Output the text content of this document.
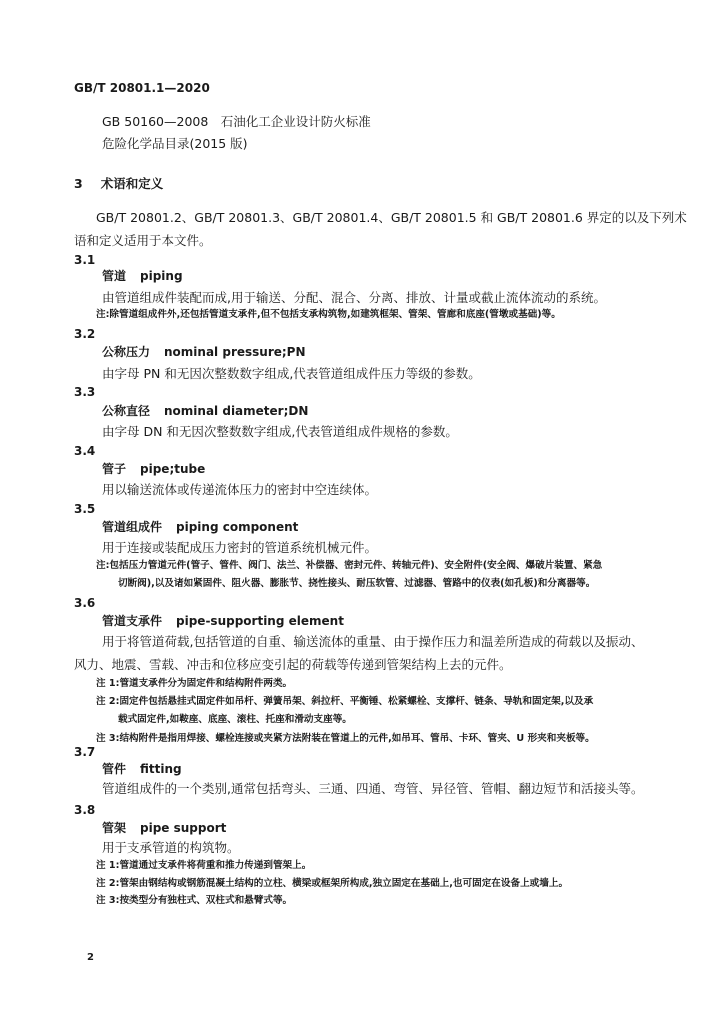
GB/T 20801.1—2020
GB 50160—2008　石油化工企业设计防火标准
危险化学品目录(2015 版)
3 术语和定义
GB/T 20801.2、GB/T 20801.3、GB/T 20801.4、GB/T 20801.5 和 GB/T 20801.6 界定的以及下列术
语和定义适用于本文件。
3.1
管道 piping
由管道组成件装配而成,用于输送、分配、混合、分离、排放、计量或截止流体流动的系统。
注:除管道组成件外,还包括管道支承件,但不包括支承构筑物,如建筑框架、管架、管廊和底座(管墩或基础)等。
3.2
公称压力 nominal pressure;PN
由字母 PN 和无因次整数数字组成,代表管道组成件压力等级的参数。
3.3
公称直径 nominal diameter;DN
由字母 DN 和无因次整数数字组成,代表管道组成件规格的参数。
3.4
管子 pipe;tube
用以输送流体或传递流体压力的密封中空连续体。
3.5
管道组成件 piping component
用于连接或装配成压力密封的管道系统机械元件。
注:包括压力管道元件(管子、管件、阀门、法兰、补偿器、密封元件、转轴元件)、安全附件(安全阀、爆破片装置、紧急
切断阀),以及诸如紧固件、阻火器、膨胀节、挠性接头、耐压软管、过滤器、管路中的仪表(如孔板)和分离器等。
3.6
管道支承件 pipe-supporting element
用于将管道荷载,包括管道的自重、输送流体的重量、由于操作压力和温差所造成的荷载以及振动、
风力、地震、雪载、冲击和位移应变引起的荷载等传递到管架结构上去的元件。
注 1:管道支承件分为固定件和结构附件两类。
注 2:固定件包括悬挂式固定件如吊杆、弹簧吊架、斜拉杆、平衡锤、松紧螺栓、支撑杆、链条、导轨和固定架,以及承
载式固定件,如鞍座、底座、滚柱、托座和滑动支座等。
注 3:结构附件是指用焊接、螺栓连接或夹紧方法附装在管道上的元件,如吊耳、管吊、卡环、管夹、U 形夹和夹板等。
3.7
管件 fitting
管道组成件的一个类别,通常包括弯头、三通、四通、弯管、异径管、管帽、翻边短节和活接头等。
3.8
管架 pipe support
用于支承管道的构筑物。
注 1:管道通过支承件将荷重和推力传递到管架上。
注 2:管架由钢结构或钢筋混凝土结构的立柱、横梁或框架所构成,独立固定在基础上,也可固定在设备上或墙上。
注 3:按类型分有独柱式、双柱式和悬臂式等。
2
